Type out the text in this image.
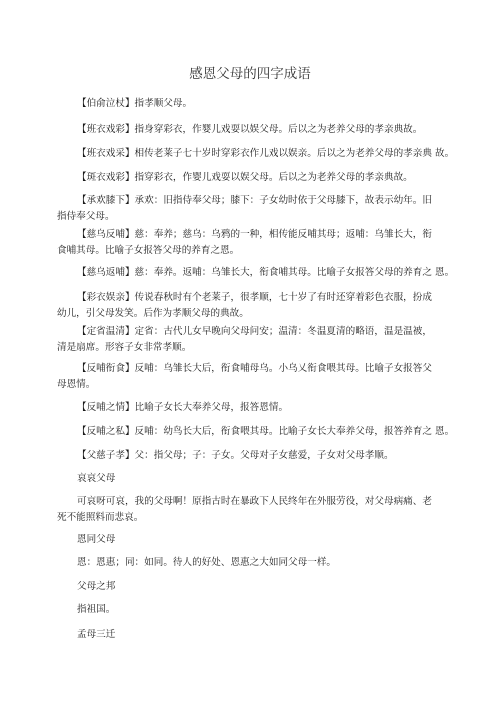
感恩父母的四字成语
【伯俞泣杖】指孝顺父母。
【班衣戏彩】指身穿彩衣，作婴儿戏耍以娱父母。后以之为老养父母的孝亲典故。
【班衣戏采】相传老莱子七十岁时穿彩衣作儿戏以娱亲。后以之为老养父母的孝亲典 故。
【斑衣戏彩】指穿彩衣，作婴儿戏耍以娱父母。后以之为老养父母的孝亲典故。
【承欢膝下】承欢：旧指侍奉父母；膝下：子女幼时依于父母膝下，故表示幼年。旧
指侍奉父母。
【慈乌反哺】慈：奉养；慈乌：乌鸦的一种，相传能反哺其母；返哺：乌雏长大，衔
食哺其母。比喻子女报答父母的养育之恩。
【慈乌返哺】慈：奉养。返哺：乌雏长大，衔食哺其母。比喻子女报答父母的养育之 恩。
【彩衣娱亲】传说春秋时有个老莱子，很孝顺，七十岁了有时还穿着彩色衣服，扮成
幼儿，引父母发笑。后作为孝顺父母的典故。
【定省温清】定省：古代儿女早晚向父母问安；温清：冬温夏清的略语，温是温被，
清是扇席。形容子女非常孝顺。
【反哺衔食】反哺：乌雏长大后，衔食哺母乌。小乌乂衔食喂其母。比喻子女报答父
母恩情。
【反哺之情】比喻子女长大奉养父母，报答恩情。
【反哺之私】反哺：幼鸟长大后，衔食喂其母。比喻子女长大奉养父母，报答养育之 恩。
【父慈子孝】父：指父母；子：子女。父母对子女慈爱，子女对父母孝顺。
哀哀父母
可哀呀可哀，我的父母啊！原指古时在暴政下人民终年在外服劳役，对父母病痛、老
死不能照料而悲哀。
恩同父母
恩：恩惠；同：如同。待人的好处、恩惠之大如同父母一样。
父母之邦
指祖国。
孟母三迁
